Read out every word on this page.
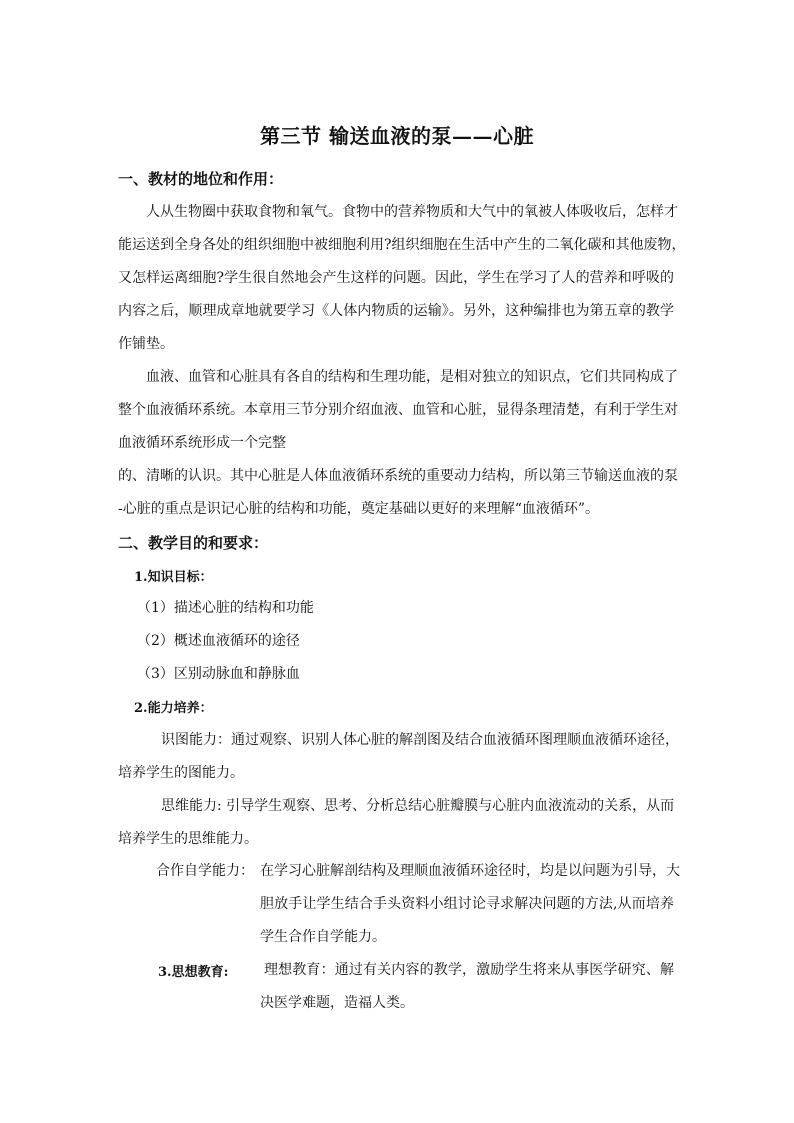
第三节 输送血液的泵——心脏
一、教材的地位和作用：
人从生物圈中获取食物和氧气。食物中的营养物质和大气中的氧被人体吸收后，怎样才
能运送到全身各处的组织细胞中被细胞利用?组织细胞在生活中产生的二氧化碳和其他废物，
又怎样运离细胞?学生很自然地会产生这样的问题。因此，学生在学习了人的营养和呼吸的
内容之后，顺理成章地就要学习《人体内物质的运输》。另外，这种编排也为第五章的教学
作铺垫。
血液、血管和心脏具有各自的结构和生理功能，是相对独立的知识点，它们共同构成了
整个血液循环系统。本章用三节分别介绍血液、血管和心脏，显得条理清楚，有利于学生对
血液循环系统形成一个完整
的、清晰的认识。其中心脏是人体血液循环系统的重要动力结构，所以第三节输送血液的泵
-心脏的重点是识记心脏的结构和功能，奠定基础以更好的来理解“血液循环”。
二、教学目的和要求：
1.知识目标：
（1）描述心脏的结构和功能
（2）概述血液循环的途径
（3）区别动脉血和静脉血
2.能力培养：
识图能力：通过观察、识别人体心脏的解剖图及结合血液循环图理顺血液循环途径，
培养学生的图能力。
思维能力: 引导学生观察、思考、分析总结心脏瓣膜与心脏内血液流动的关系，从而
培养学生的思维能力。
合作自学能力： 在学习心脏解剖结构及理顺血液循环途径时，均是以问题为引导，大
胆放手让学生结合手头资料小组讨论寻求解决问题的方法,从而培养
学生合作自学能力。
3.思想教育:	理想教育：通过有关内容的教学，激励学生将来从事医学研究、解
决医学难题，造福人类。
